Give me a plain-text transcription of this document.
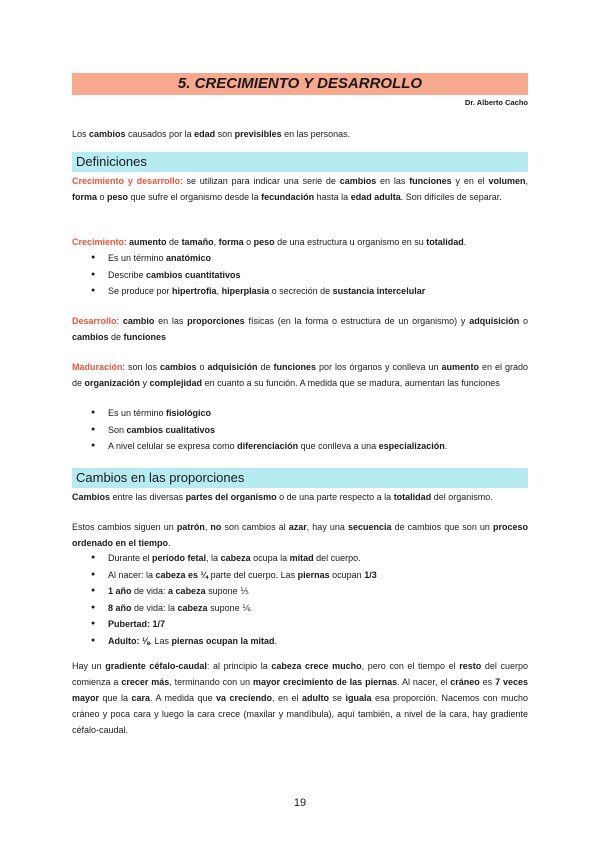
5. CRECIMIENTO Y DESARROLLO
Dr. Alberto Cacho

Los cambios causados por la edad son previsibles en las personas.

Definiciones

Crecimiento y desarrollo: se utilizan para indicar una serie de cambios en las funciones y en el volumen, forma o peso que sufre el organismo desde la fecundación hasta la edad adulta. Son difíciles de separar.

Crecimiento: aumento de tamaño, forma o peso de una estructura u organismo en su totalidad.

● Es un término anatómico
● Describe cambios cuantitativos
● Se produce por hipertrofia, hiperplasia o secreción de sustancia intercelular

Desarrollo: cambio en las proporciones físicas (en la forma o estructura de un organismo) y adquisición o cambios de funciones

Maduración: son los cambios o adquisición de funciones por los órganos y conlleva un aumento en el grado de organización y complejidad en cuanto a su función. A medida que se madura, aumentan las funciones

● Es un término fisiológico
● Son cambios cualitativos
● A nivel celular se expresa como diferenciación que conlleva a una especialización.
Cambios en las proporciones

Cambios entre las diversas partes del organismo o de una parte respecto a la totalidad del organismo.

Estos cambios siguen un patrón, no son cambios al azar, hay una secuencia de cambios que son un proceso ordenado en el tiempo.

● Durante el período fetal, la cabeza ocupa la mitad del cuerpo.
● Al nacer: la cabeza es ¼ parte del cuerpo. Las piernas ocupan 1/3
● 1 año de vida: a cabeza supone ⅕
● 8 año de vida: la cabeza supone ⅙
● Pubertad: 1/7
● Adulto: ⅛. Las piernas ocupan la mitad.

Hay un gradiente céfalo-caudal: al principio la cabeza crece mucho, pero con el tiempo el resto del cuerpo comienza a crecer más, terminando con un mayor crecimiento de las piernas. Al nacer, el cráneo es 7 veces mayor que la cara. A medida que va creciendo, en el adulto se iguala esa proporción. Nacemos con mucho cráneo y poca cara y luego la cara crece (maxilar y mandíbula), aquí también, a nivel de la cara, hay gradiente céfalo-caudal.

19
